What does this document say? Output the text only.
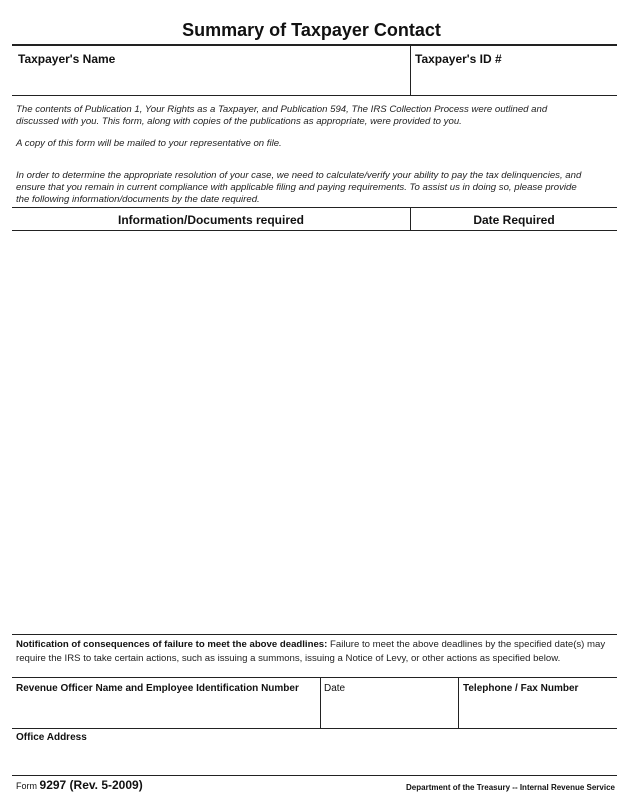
Summary of Taxpayer Contact
Taxpayer's Name	Taxpayer's ID #
The contents of Publication 1, Your Rights as a Taxpayer, and Publication 594, The IRS Collection Process were outlined and
discussed with you. This form, along with copies of the publications as appropriate, were provided to you.
A copy of this form will be mailed to your representative on file.
In order to determine the appropriate resolution of your case, we need to calculate/verify your ability to pay the tax delinquencies, and
ensure that you remain in current compliance with applicable filing and paying requirements. To assist us in doing so, please provide
the following information/documents by the date required.
Information/Documents required	Date Required
Notification of consequences of failure to meet the above deadlines: Failure to meet the above deadlines by the specified date(s) may
require the IRS to take certain actions, such as issuing a summons, issuing a Notice of Levy, or other actions as specified below.
Revenue Officer Name and Employee Identification Number	Date	Telephone / Fax Number
Office Address
Form 9297 (Rev. 5-2009)	Department of the Treasury -- Internal Revenue Service
